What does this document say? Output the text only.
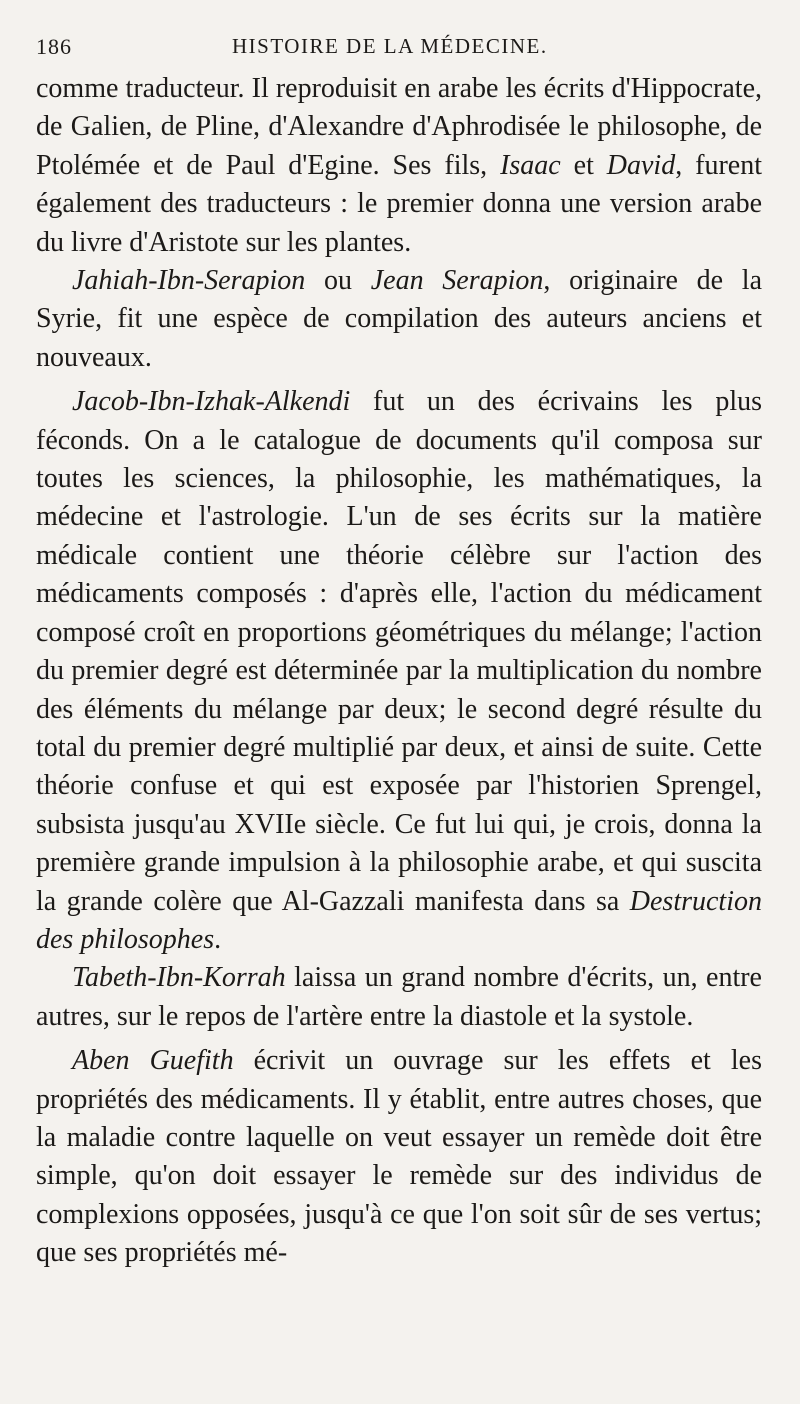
186	HISTOIRE DE LA MÉDECINE.

comme traducteur. Il reproduisit en arabe les écrits d'Hippocrate, de Galien, de Pline, d'Alexandre d'Aphrodisée le philosophe, de Ptolémée et de Paul d'Egine. Ses fils, Isaac et David, furent également des traducteurs : le premier donna une version arabe du livre d'Aristote sur les plantes.

Jahiah-Ibn-Serapion ou Jean Serapion, originaire de la Syrie, fit une espèce de compilation des auteurs anciens et nouveaux.

Jacob-Ibn-Izhak-Alkendi fut un des écrivains les plus féconds. On a le catalogue de documents qu'il composa sur toutes les sciences, la philosophie, les mathématiques, la médecine et l'astrologie. L'un de ses écrits sur la matière médicale contient une théorie célèbre sur l'action des médicaments composés : d'après elle, l'action du médicament composé croît en proportions géométriques du mélange; l'action du premier degré est déterminée par la multiplication du nombre des éléments du mélange par deux; le second degré résulte du total du premier degré multiplié par deux, et ainsi de suite. Cette théorie confuse et qui est exposée par l'historien Sprengel, subsista jusqu'au XVIIe siècle. Ce fut lui qui, je crois, donna la première grande impulsion à la philosophie arabe, et qui suscita la grande colère que Al-Gazzali manifesta dans sa Destruction des philosophes.

Tabeth-Ibn-Korrah laissa un grand nombre d'écrits, un, entre autres, sur le repos de l'artère entre la diastole et la systole.

Aben Guefith écrivit un ouvrage sur les effets et les propriétés des médicaments. Il y établit, entre autres choses, que la maladie contre laquelle on veut essayer un remède doit être simple, qu'on doit essayer le remède sur des individus de complexions opposées, jusqu'à ce que l'on soit sûr de ses vertus; que ses propriétés mé-
